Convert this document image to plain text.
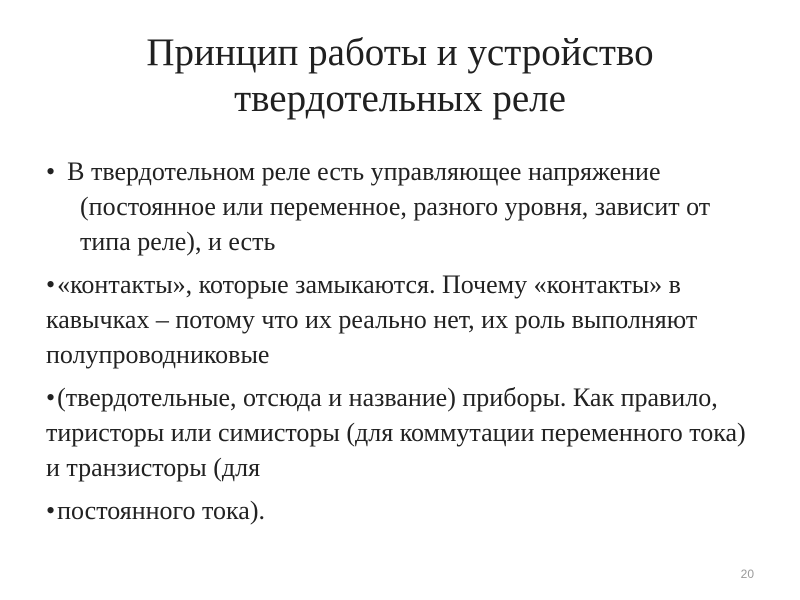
Принцип работы и устройство твердотельных реле
• В твердотельном реле есть управляющее напряжение (постоянное или переменное, разного уровня, зависит от типа реле), и есть
•«контакты», которые замыкаются. Почему «контакты» в кавычках – потому что их реально нет, их роль выполняют полупроводниковые
•(твердотельные, отсюда и название) приборы. Как правило, тиристоры или симисторы (для коммутации переменного тока) и транзисторы (для
•постоянного тока).
20
